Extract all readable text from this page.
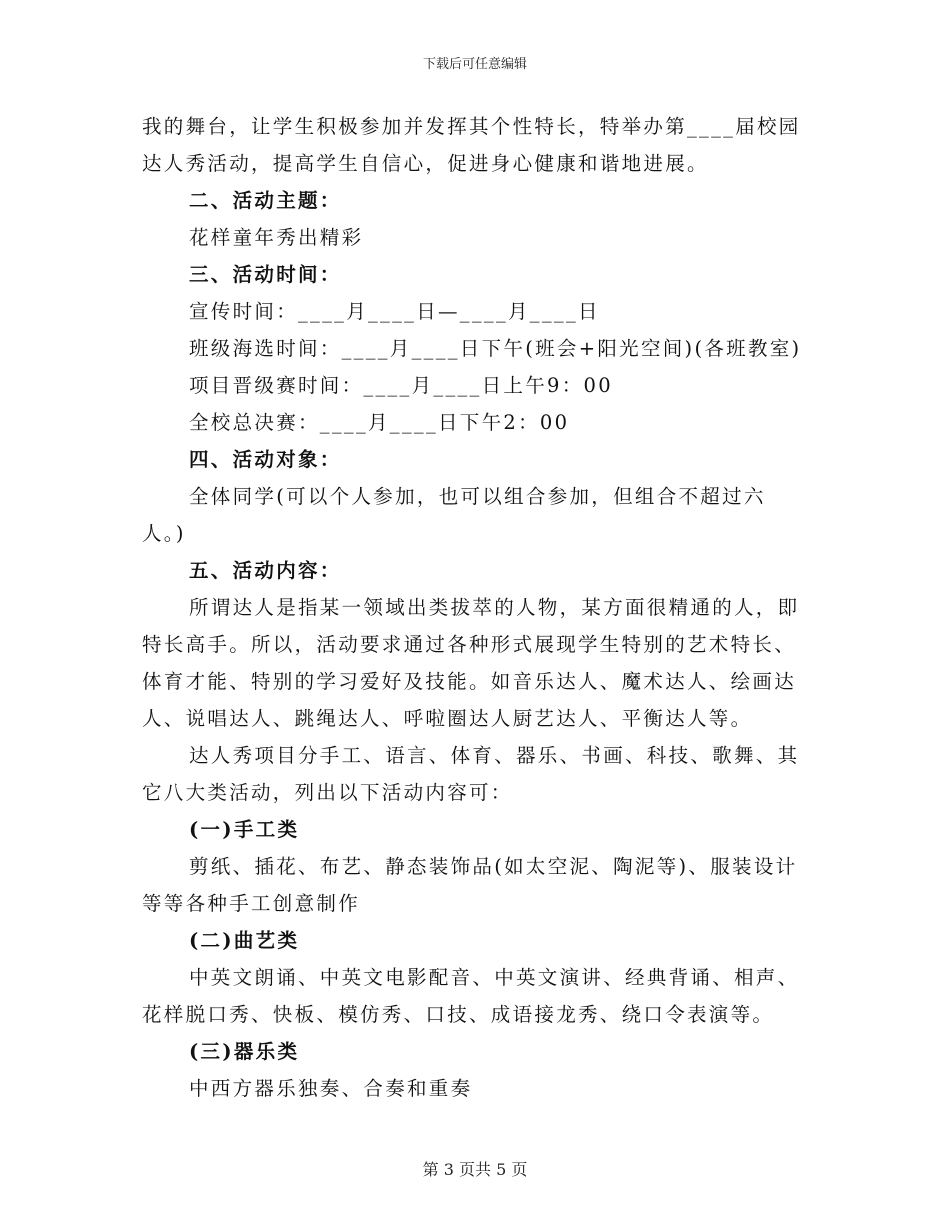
下载后可任意编辑
我的舞台，让学生积极参加并发挥其个性特长，特举办第____届校园
达人秀活动，提高学生自信心，促进身心健康和谐地进展。
二、活动主题：
花样童年秀出精彩
三、活动时间：
宣传时间：____月____日—____月____日
班级海选时间：____月____日下午(班会+阳光空间)(各班教室)
项目晋级赛时间：____月____日上午9：00
全校总决赛：____月____日下午2：00
四、活动对象：
全体同学(可以个人参加，也可以组合参加，但组合不超过六
人。)
五、活动内容：
所谓达人是指某一领域出类拔萃的人物，某方面很精通的人，即
特长高手。所以，活动要求通过各种形式展现学生特别的艺术特长、
体育才能、特别的学习爱好及技能。如音乐达人、魔术达人、绘画达
人、说唱达人、跳绳达人、呼啦圈达人厨艺达人、平衡达人等。
达人秀项目分手工、语言、体育、器乐、书画、科技、歌舞、其
它八大类活动，列出以下活动内容可：
(一)手工类
剪纸、插花、布艺、静态装饰品(如太空泥、陶泥等)、服装设计
等等各种手工创意制作
(二)曲艺类
中英文朗诵、中英文电影配音、中英文演讲、经典背诵、相声、
花样脱口秀、快板、模仿秀、口技、成语接龙秀、绕口令表演等。
(三)器乐类
中西方器乐独奏、合奏和重奏
第 3 页共 5 页
